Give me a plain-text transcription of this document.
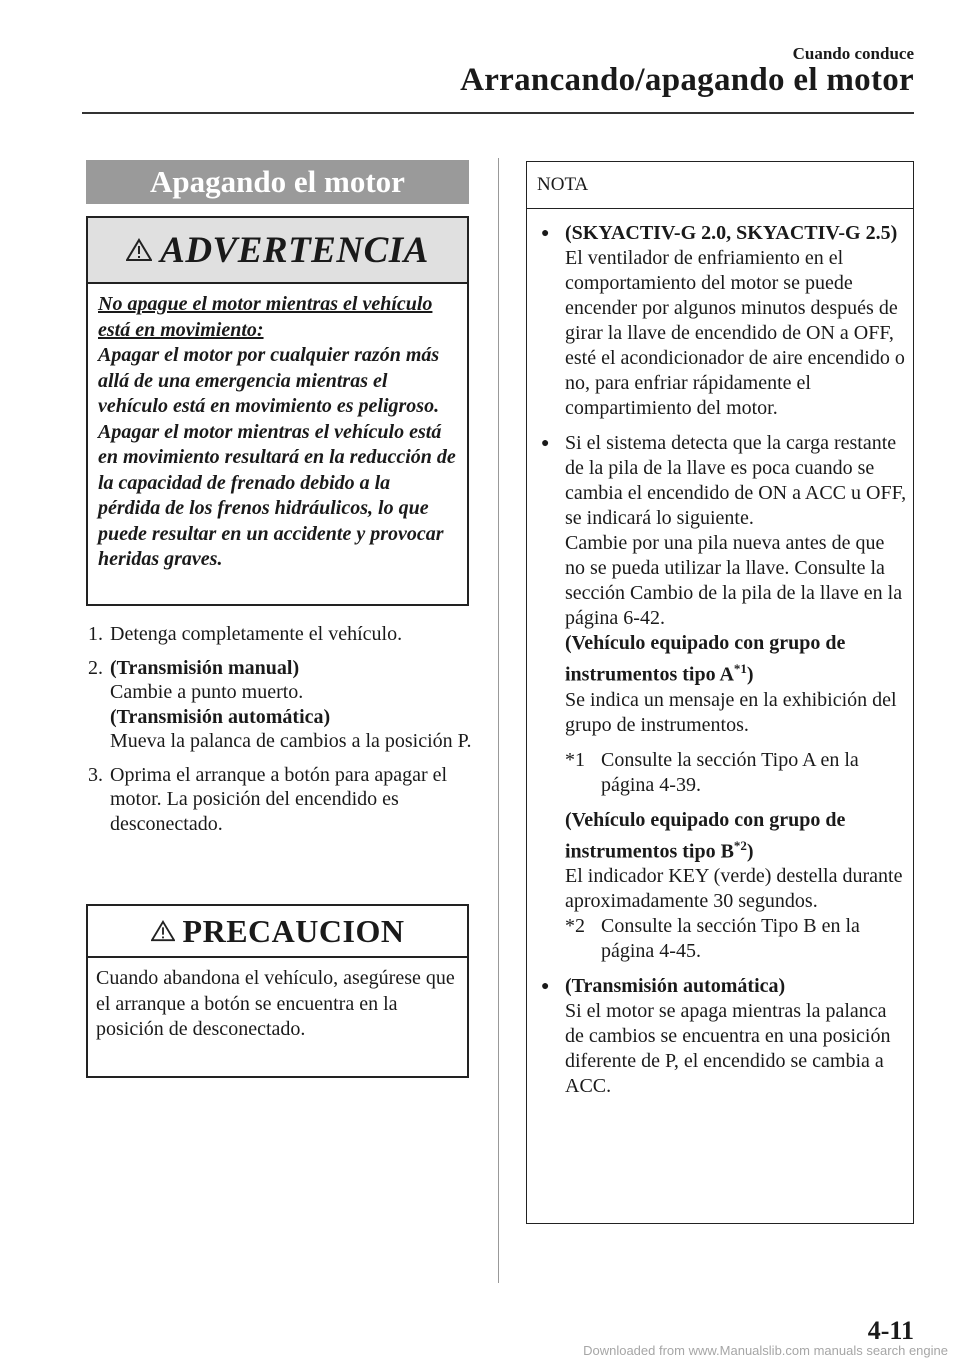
Cuando conduce
Arrancando/apagando el motor
Apagando el motor
ADVERTENCIA
No apague el motor mientras el vehículo está en movimiento:
Apagar el motor por cualquier razón más allá de una emergencia mientras el vehículo está en movimiento es peligroso. Apagar el motor mientras el vehículo está en movimiento resultará en la reducción de la capacidad de frenado debido a la pérdida de los frenos hidráulicos, lo que puede resultar en un accidente y provocar heridas graves.
1. Detenga completamente el vehículo.
2. (Transmisión manual)
Cambie a punto muerto.
(Transmisión automática)
Mueva la palanca de cambios a la posición P.
3. Oprima el arranque a botón para apagar el motor. La posición del encendido es desconectado.
PRECAUCION
Cuando abandona el vehículo, asegúrese que el arranque a botón se encuentra en la posición de desconectado.
NOTA
● (SKYACTIV-G 2.0, SKYACTIV-G 2.5)
El ventilador de enfriamiento en el comportamiento del motor se puede encender por algunos minutos después de girar la llave de encendido de ON a OFF, esté el acondicionador de aire encendido o no, para enfriar rápidamente el compartimiento del motor.
● Si el sistema detecta que la carga restante de la pila de la llave es poca cuando se cambia el encendido de ON a ACC u OFF, se indicará lo siguiente.
Cambie por una pila nueva antes de que no se pueda utilizar la llave. Consulte la sección Cambio de la pila de la llave en la página 6-42.
(Vehículo equipado con grupo de instrumentos tipo $A^{*1}$)
Se indica un mensaje en la exhibición del grupo de instrumentos.
*1 Consulte la sección Tipo A en la página 4-39.
(Vehículo equipado con grupo de instrumentos tipo $B^{*2}$)
El indicador KEY (verde) destella durante aproximadamente 30 segundos.
*2 Consulte la sección Tipo B en la página 4-45.
● (Transmisión automática)
Si el motor se apaga mientras la palanca de cambios se encuentra en una posición diferente de P, el encendido se cambia a ACC.
4-11
Downloaded from www.Manualslib.com manuals search engine
